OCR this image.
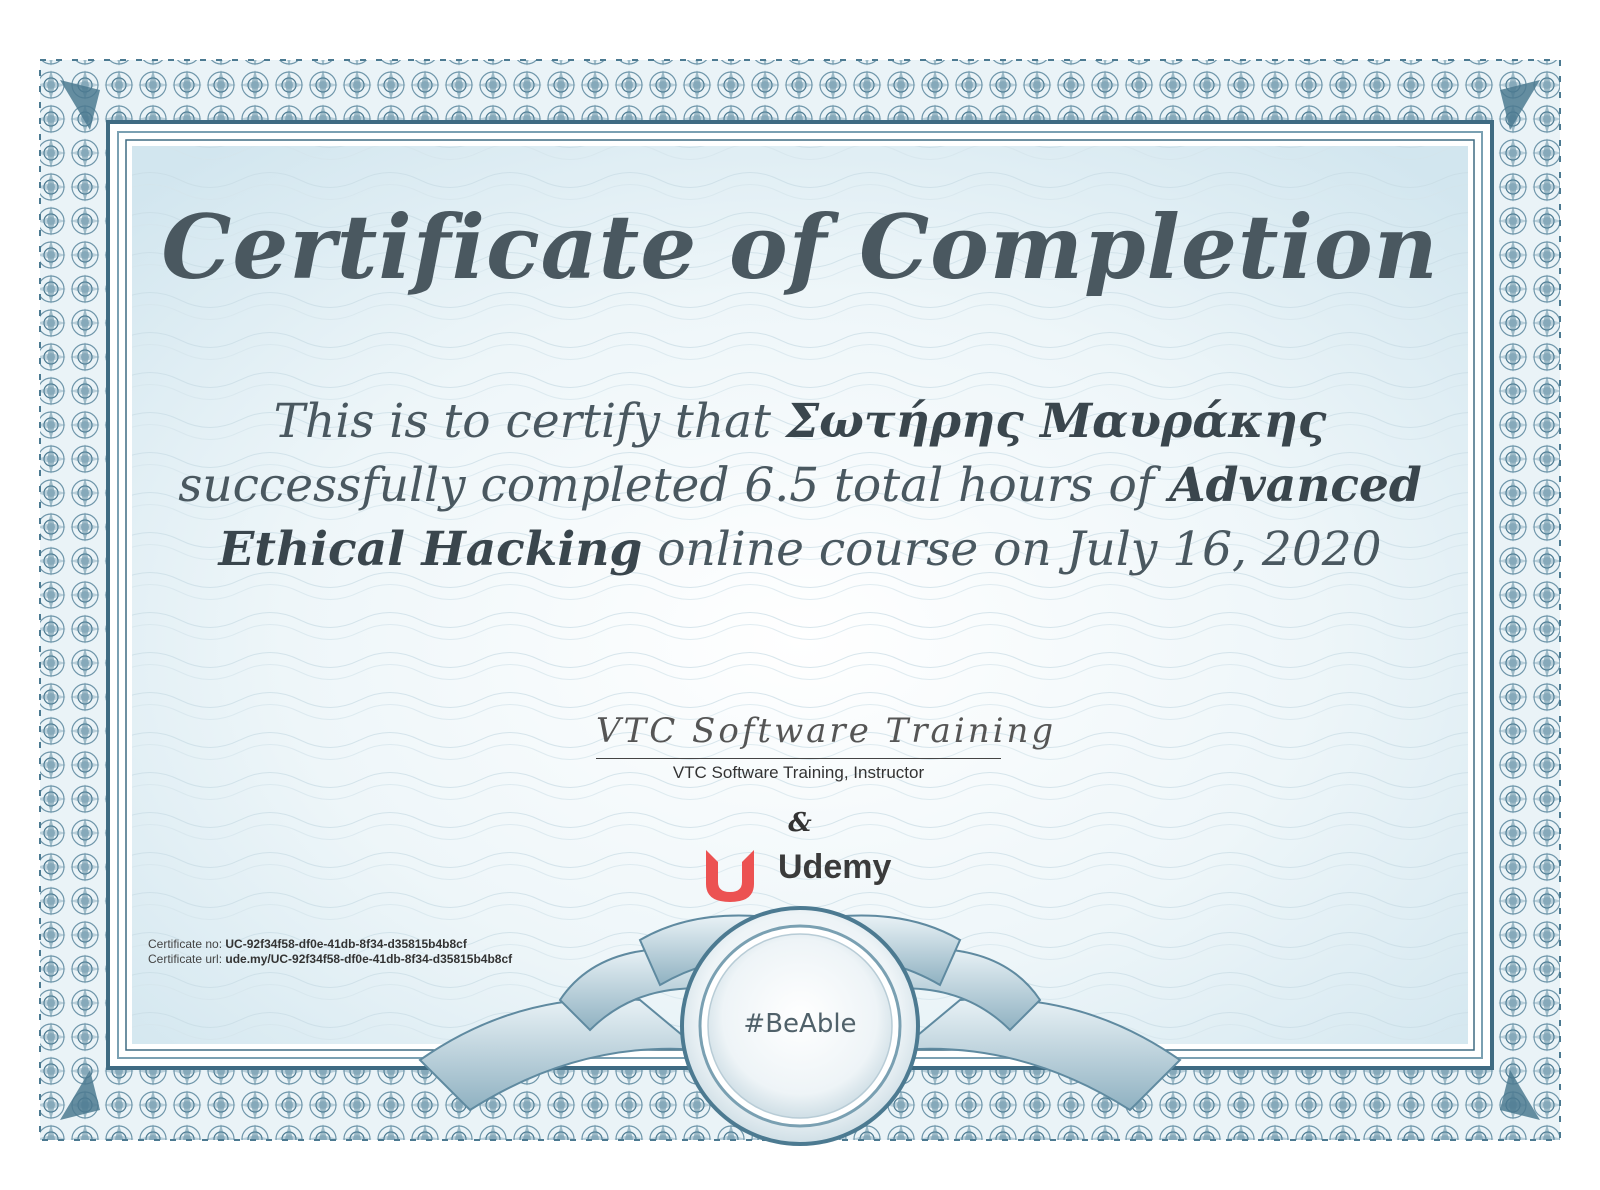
Certificate of Completion
This is to certify that Σωτήρης Μαυράκης successfully completed 6.5 total hours of Advanced Ethical Hacking online course on July 16, 2020
VTC Software Training
VTC Software Training, Instructor
&
Udemy
Certificate no: UC-92f34f58-df0e-41db-8f34-d35815b4b8cf
Certificate url: ude.my/UC-92f34f58-df0e-41db-8f34-d35815b4b8cf
#BeAble
